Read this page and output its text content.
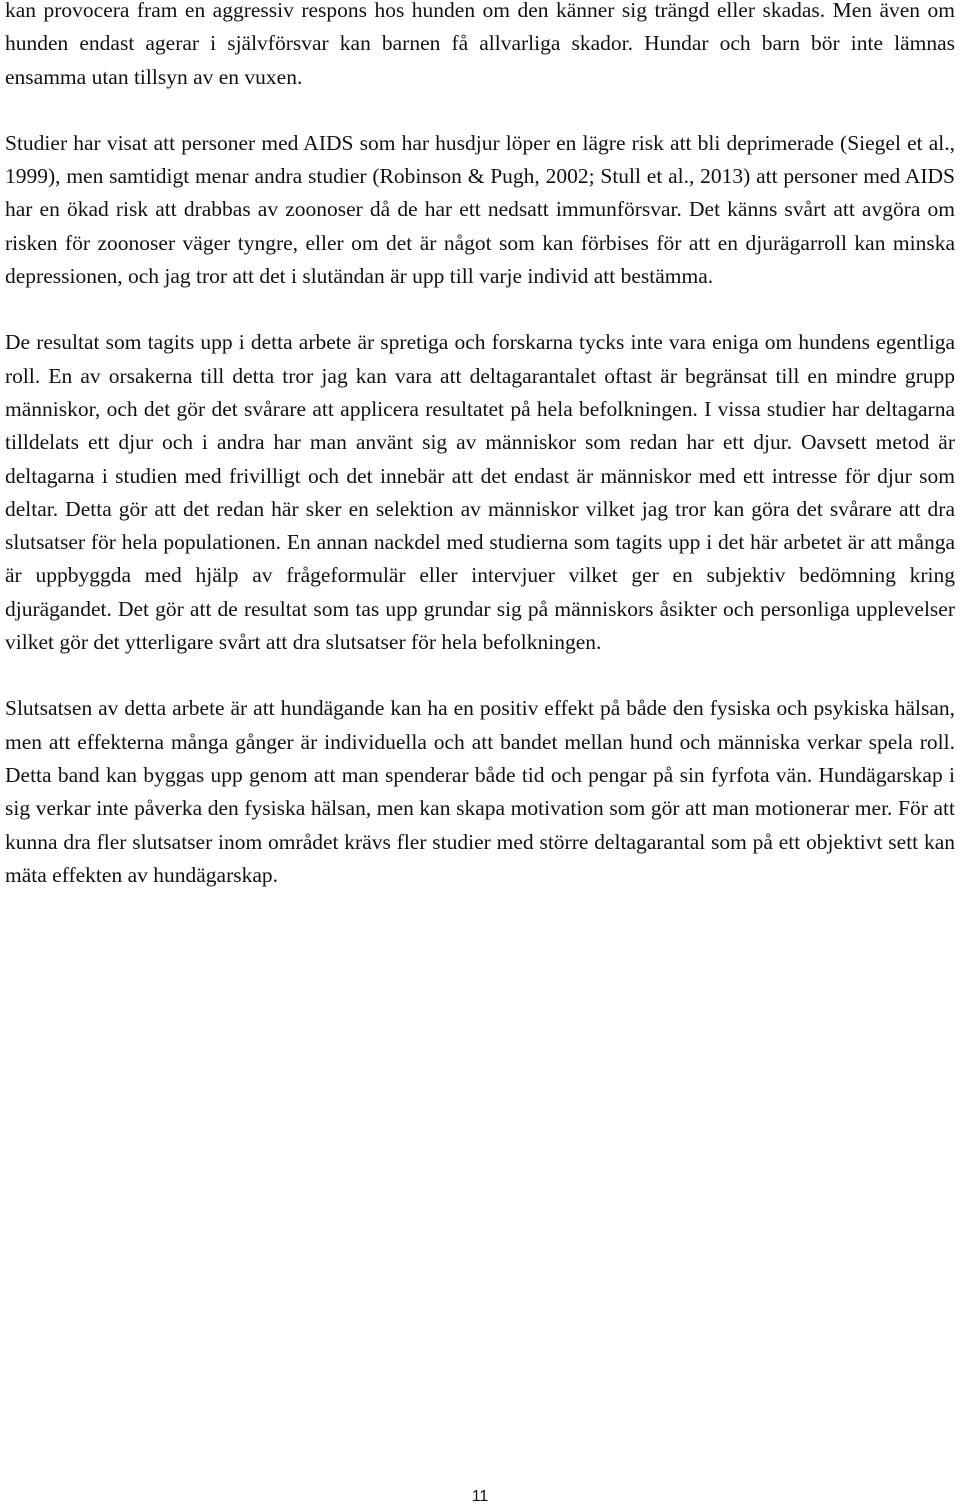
kan provocera fram en aggressiv respons hos hunden om den känner sig trängd eller skadas. Men även om hunden endast agerar i självförsvar kan barnen få allvarliga skador. Hundar och barn bör inte lämnas ensamma utan tillsyn av en vuxen.

Studier har visat att personer med AIDS som har husdjur löper en lägre risk att bli deprimerade (Siegel et al., 1999), men samtidigt menar andra studier (Robinson & Pugh, 2002; Stull et al., 2013) att personer med AIDS har en ökad risk att drabbas av zoonoser då de har ett nedsatt immunförsvar. Det känns svårt att avgöra om risken för zoonoser väger tyngre, eller om det är något som kan förbises för att en djurägarroll kan minska depressionen, och jag tror att det i slutändan är upp till varje individ att bestämma.

De resultat som tagits upp i detta arbete är spretiga och forskarna tycks inte vara eniga om hundens egentliga roll. En av orsakerna till detta tror jag kan vara att deltagarantalet oftast är begränsat till en mindre grupp människor, och det gör det svårare att applicera resultatet på hela befolkningen. I vissa studier har deltagarna tilldelats ett djur och i andra har man använt sig av människor som redan har ett djur. Oavsett metod är deltagarna i studien med frivilligt och det innebär att det endast är människor med ett intresse för djur som deltar. Detta gör att det redan här sker en selektion av människor vilket jag tror kan göra det svårare att dra slutsatser för hela populationen. En annan nackdel med studierna som tagits upp i det här arbetet är att många är uppbyggda med hjälp av frågeformulär eller intervjuer vilket ger en subjektiv bedömning kring djurägandet. Det gör att de resultat som tas upp grundar sig på människors åsikter och personliga upplevelser vilket gör det ytterligare svårt att dra slutsatser för hela befolkningen.

Slutsatsen av detta arbete är att hundägande kan ha en positiv effekt på både den fysiska och psykiska hälsan, men att effekterna många gånger är individuella och att bandet mellan hund och människa verkar spela roll. Detta band kan byggas upp genom att man spenderar både tid och pengar på sin fyrfota vän. Hundägarskap i sig verkar inte påverka den fysiska hälsan, men kan skapa motivation som gör att man motionerar mer. För att kunna dra fler slutsatser inom området krävs fler studier med större deltagarantal som på ett objektivt sett kan mäta effekten av hundägarskap.

11
